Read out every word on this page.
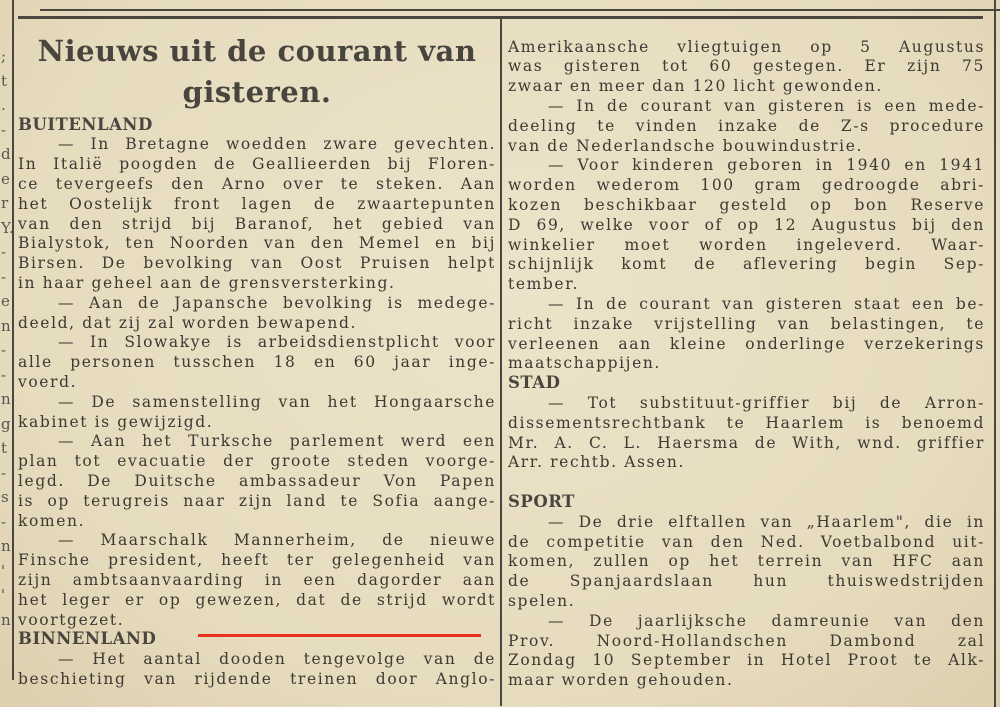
;
t
.
-
d
e
r
Y.
-
-
e
n
-
-
n
g
t
-
s
-
n
'
'
n
Nieuws uit de courant van
gisteren.
BUITENLAND
— In Bretagne woedden zware gevechten.
In Italië poogden de Geallieerden bij Floren-
ce tevergeefs den Arno over te steken. Aan
het Oostelijk front lagen de zwaartepunten
van den strijd bij Baranof, het gebied van
Bialystok, ten Noorden van den Memel en bij
Birsen. De bevolking van Oost Pruisen helpt
in haar geheel aan de grensversterking.
— Aan de Japansche bevolking is medege-
deeld, dat zij zal worden bewapend.
— In Slowakye is arbeidsdienstplicht voor
alle personen tusschen 18 en 60 jaar inge-
voerd.
— De samenstelling van het Hongaarsche
kabinet is gewijzigd.
— Aan het Turksche parlement werd een
plan tot evacuatie der groote steden voorge-
legd. De Duitsche ambassadeur Von Papen
is op terugreis naar zijn land te Sofia aange-
komen.
— Maarschalk Mannerheim, de nieuwe
Finsche president, heeft ter gelegenheid van
zijn ambtsaanvaarding in een dagorder aan
het leger er op gewezen, dat de strijd wordt
voortgezet.
BINNENLAND
— Het aantal dooden tengevolge van de
beschieting van rijdende treinen door Anglo-
Amerikaansche vliegtuigen op 5 Augustus
was gisteren tot 60 gestegen. Er zijn 75
zwaar en meer dan 120 licht gewonden.
— In de courant van gisteren is een mede-
deeling te vinden inzake de Z-s procedure
van de Nederlandsche bouwindustrie.
— Voor kinderen geboren in 1940 en 1941
worden wederom 100 gram gedroogde abri-
kozen beschikbaar gesteld op bon Reserve
D 69, welke voor of op 12 Augustus bij den
winkelier moet worden ingeleverd. Waar-
schijnlijk komt de aflevering begin Sep-
tember.
— In de courant van gisteren staat een be-
richt inzake vrijstelling van belastingen, te
verleenen aan kleine onderlinge verzekerings
maatschappijen.
STAD
— Tot substituut-griffier bij de Arron-
dissementsrechtbank te Haarlem is benoemd
Mr. A. C. L. Haersma de With, wnd. griffier
Arr. rechtb. Assen.
SPORT
— De drie elftallen van „Haarlem", die in
de competitie van den Ned. Voetbalbond uit-
komen, zullen op het terrein van HFC aan
de Spanjaardslaan hun thuiswedstrijden
spelen.
— De jaarlijksche damreunie van den
Prov. Noord-Hollandschen Dambond zal
Zondag 10 September in Hotel Proot te Alk-
maar worden gehouden.
